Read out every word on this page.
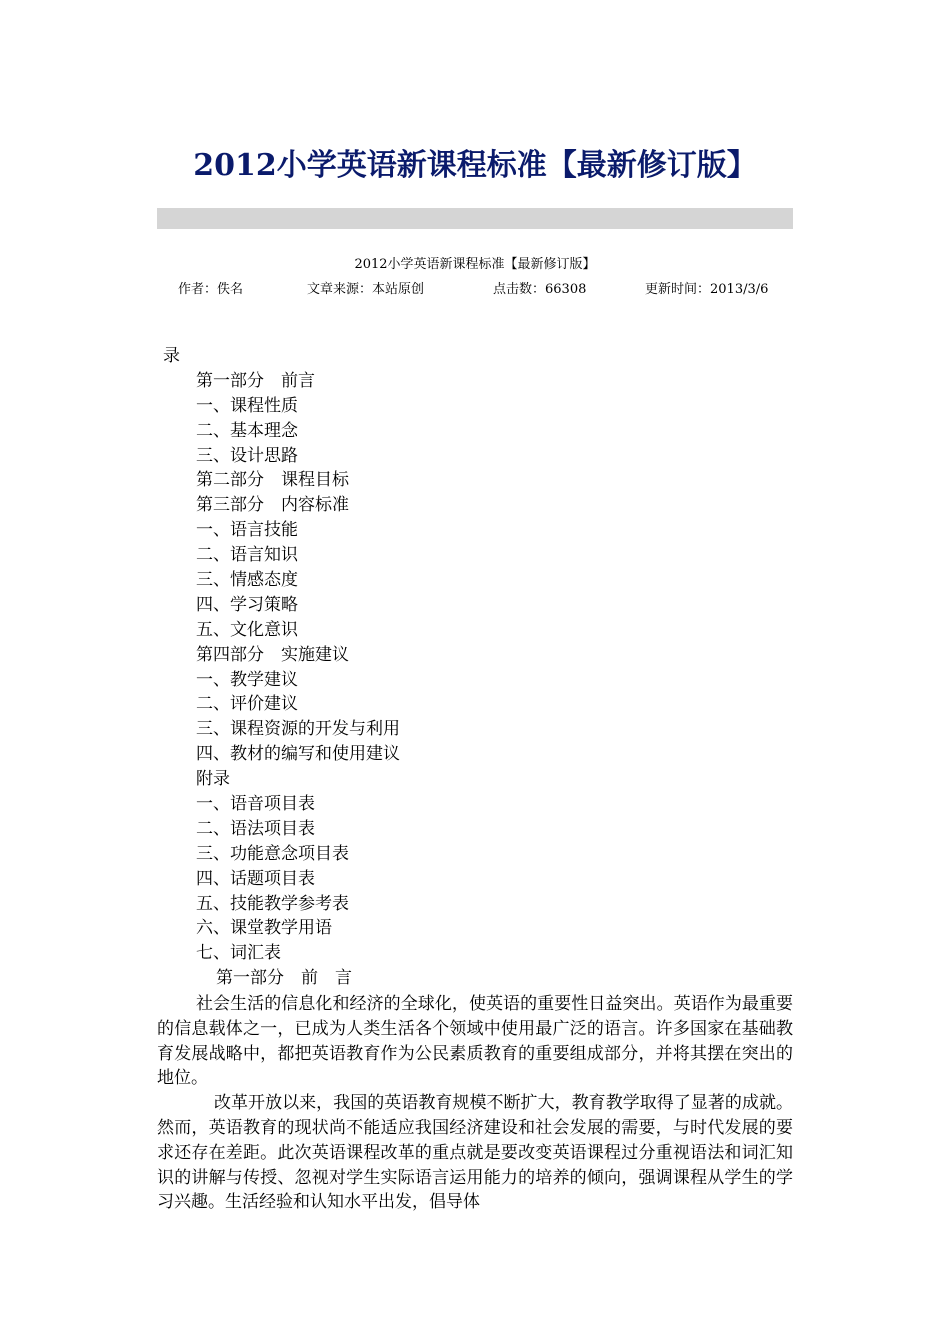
2012小学英语新课程标准【最新修订版】
2012小学英语新课程标准【最新修订版】
作者：佚名	文章来源：本站原创	点击数：66308	更新时间：2013/3/6
录
第一部分　前言
一、课程性质
二、基本理念
三、设计思路
第二部分　课程目标
第三部分　内容标准
一、语言技能
二、语言知识
三、情感态度
四、学习策略
五、文化意识
第四部分　实施建议
一、教学建议
二、评价建议
三、课程资源的开发与利用
四、教材的编写和使用建议
附录
一、语音项目表
二、语法项目表
三、功能意念项目表
四、话题项目表
五、技能教学参考表
六、课堂教学用语
七、词汇表
第一部分　前　言

社会生活的信息化和经济的全球化，使英语的重要性日益突出。英语作为最重要的信息载体之一，已成为人类生活各个领域中使用最广泛的语言。许多国家在基础教育发展战略中，都把英语教育作为公民素质教育的重要组成部分，并将其摆在突出的地位。

改革开放以来，我国的英语教育规模不断扩大，教育教学取得了显著的成就。然而，英语教育的现状尚不能适应我国经济建设和社会发展的需要，与时代发展的要求还存在差距。此次英语课程改革的重点就是要改变英语课程过分重视语法和词汇知识的讲解与传授、忽视对学生实际语言运用能力的培养的倾向，强调课程从学生的学习兴趣。生活经验和认知水平出发，倡导体
